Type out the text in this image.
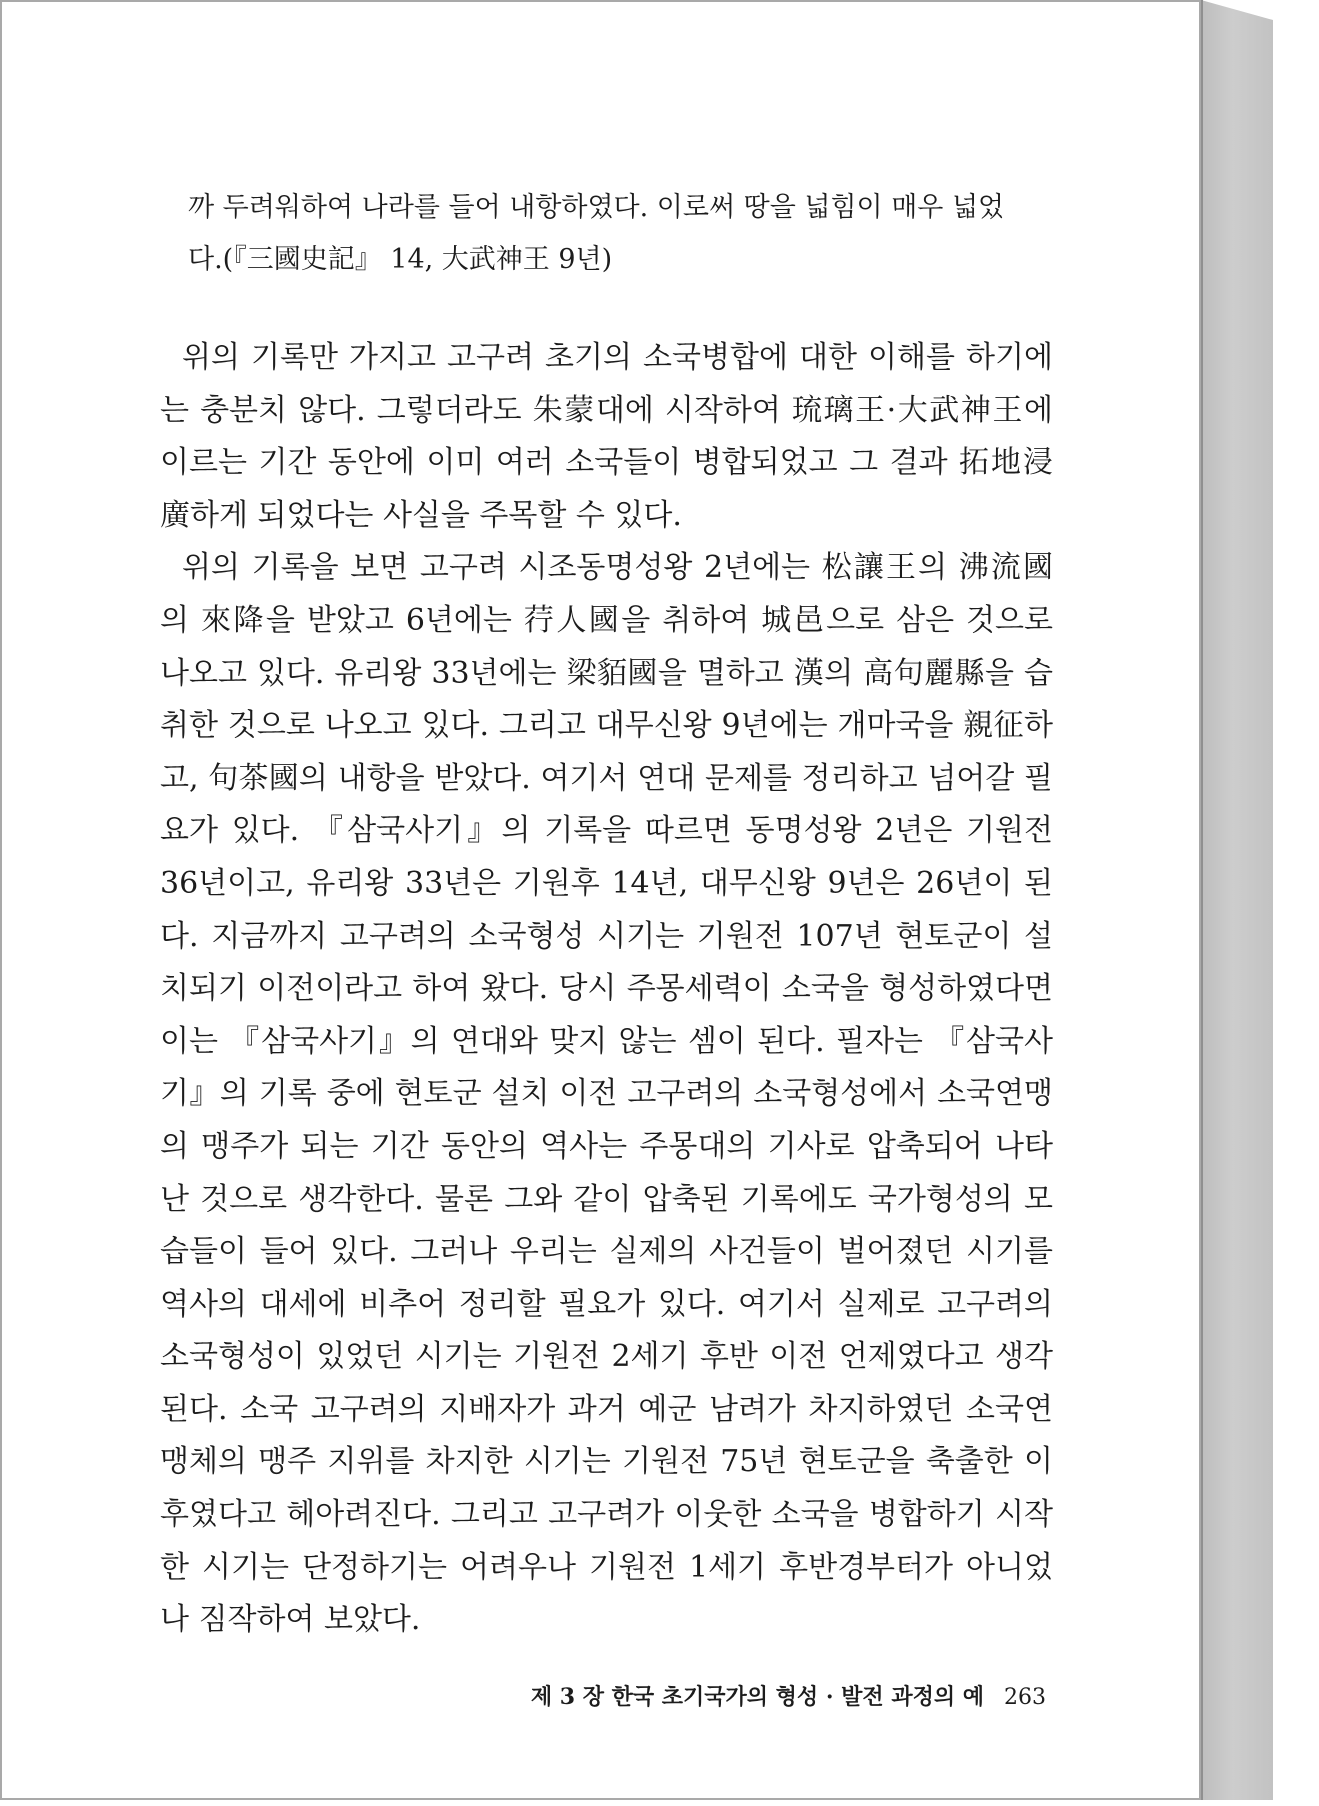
까 두려워하여 나라를 들어 내항하였다. 이로써 땅을 넓힘이 매우 넓었

다.(『三國史記』 14, 大武神王 9년)

위의 기록만 가지고 고구려 초기의 소국병합에 대한 이해를 하기에는 충분치 않다. 그렇더라도 朱蒙대에 시작하여 琉璃王·大武神王에 이르는 기간 동안에 이미 여러 소국들이 병합되었고 그 결과 拓地浸廣하게 되었다는 사실을 주목할 수 있다.

위의 기록을 보면 고구려 시조동명성왕 2년에는 松讓王의 沸流國의 來降을 받았고 6년에는 荇人國을 취하여 城邑으로 삼은 것으로 나오고 있다. 유리왕 33년에는 梁貊國을 멸하고 漢의 高句麗縣을 습취한 것으로 나오고 있다. 그리고 대무신왕 9년에는 개마국을 親征하고, 句茶國의 내항을 받았다. 여기서 연대 문제를 정리하고 넘어갈 필요가 있다. 『삼국사기』의 기록을 따르면 동명성왕 2년은 기원전 36년이고, 유리왕 33년은 기원후 14년, 대무신왕 9년은 26년이 된다. 지금까지 고구려의 소국형성 시기는 기원전 107년 현토군이 설치되기 이전이라고 하여 왔다. 당시 주몽세력이 소국을 형성하였다면 이는 『삼국사기』의 연대와 맞지 않는 셈이 된다. 필자는 『삼국사기』의 기록 중에 현토군 설치 이전 고구려의 소국형성에서 소국연맹의 맹주가 되는 기간 동안의 역사는 주몽대의 기사로 압축되어 나타난 것으로 생각한다. 물론 그와 같이 압축된 기록에도 국가형성의 모습들이 들어 있다. 그러나 우리는 실제의 사건들이 벌어졌던 시기를 역사의 대세에 비추어 정리할 필요가 있다. 여기서 실제로 고구려의 소국형성이 있었던 시기는 기원전 2세기 후반 이전 언제였다고 생각된다. 소국 고구려의 지배자가 과거 예군 남려가 차지하였던 소국연맹체의 맹주 지위를 차지한 시기는 기원전 75년 현토군을 축출한 이후였다고 헤아려진다. 그리고 고구려가 이웃한 소국을 병합하기 시작한 시기는 단정하기는 어려우나 기원전 1세기 후반경부터가 아니었나 짐작하여 보았다.

제 3 장 한국 초기국가의 형성 · 발전 과정의 예 263
